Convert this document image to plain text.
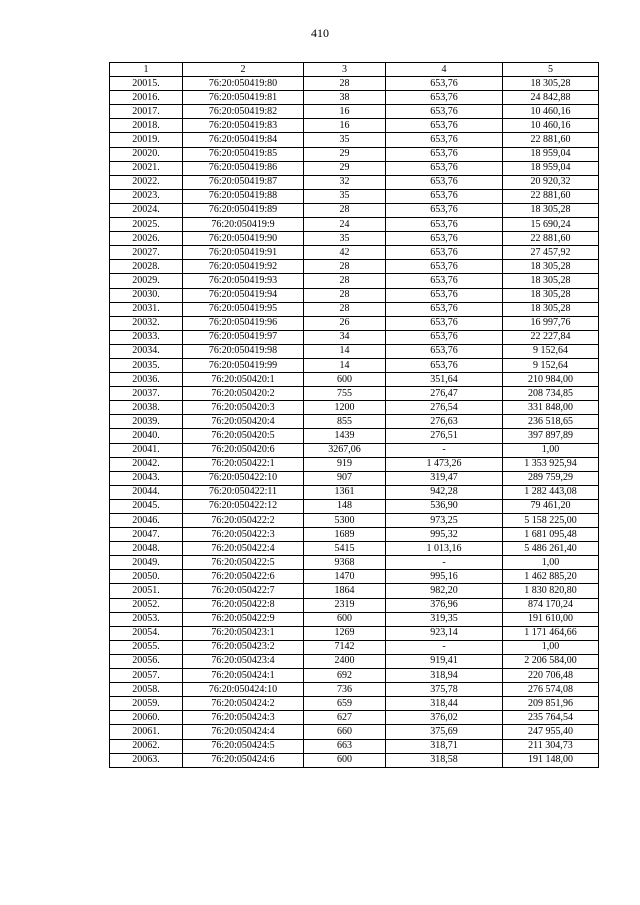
410
1	2	3	4	5
20015.	76:20:050419:80	28	653,76	18 305,28
20016.	76:20:050419:81	38	653,76	24 842,88
20017.	76:20:050419:82	16	653,76	10 460,16
20018.	76:20:050419:83	16	653,76	10 460,16
20019.	76:20:050419:84	35	653,76	22 881,60
20020.	76:20:050419:85	29	653,76	18 959,04
20021.	76:20:050419:86	29	653,76	18 959,04
20022.	76:20:050419:87	32	653,76	20 920,32
20023.	76:20:050419:88	35	653,76	22 881,60
20024.	76:20:050419:89	28	653,76	18 305,28
20025.	76:20:050419:9	24	653,76	15 690,24
20026.	76:20:050419:90	35	653,76	22 881,60
20027.	76:20:050419:91	42	653,76	27 457,92
20028.	76:20:050419:92	28	653,76	18 305,28
20029.	76:20:050419:93	28	653,76	18 305,28
20030.	76:20:050419:94	28	653,76	18 305,28
20031.	76:20:050419:95	28	653,76	18 305,28
20032.	76:20:050419:96	26	653,76	16 997,76
20033.	76:20:050419:97	34	653,76	22 227,84
20034.	76:20:050419:98	14	653,76	9 152,64
20035.	76:20:050419:99	14	653,76	9 152,64
20036.	76:20:050420:1	600	351,64	210 984,00
20037.	76:20:050420:2	755	276,47	208 734,85
20038.	76:20:050420:3	1200	276,54	331 848,00
20039.	76:20:050420:4	855	276,63	236 518,65
20040.	76:20:050420:5	1439	276,51	397 897,89
20041.	76:20:050420:6	3267,06	-	1,00
20042.	76:20:050422:1	919	1 473,26	1 353 925,94
20043.	76:20:050422:10	907	319,47	289 759,29
20044.	76:20:050422:11	1361	942,28	1 282 443,08
20045.	76:20:050422:12	148	536,90	79 461,20
20046.	76:20:050422:2	5300	973,25	5 158 225,00
20047.	76:20:050422:3	1689	995,32	1 681 095,48
20048.	76:20:050422:4	5415	1 013,16	5 486 261,40
20049.	76:20:050422:5	9368	-	1,00
20050.	76:20:050422:6	1470	995,16	1 462 885,20
20051.	76:20:050422:7	1864	982,20	1 830 820,80
20052.	76:20:050422:8	2319	376,96	874 170,24
20053.	76:20:050422:9	600	319,35	191 610,00
20054.	76:20:050423:1	1269	923,14	1 171 464,66
20055.	76:20:050423:2	7142	-	1,00
20056.	76:20:050423:4	2400	919,41	2 206 584,00
20057.	76:20:050424:1	692	318,94	220 706,48
20058.	76:20:050424:10	736	375,78	276 574,08
20059.	76:20:050424:2	659	318,44	209 851,96
20060.	76:20:050424:3	627	376,02	235 764,54
20061.	76:20:050424:4	660	375,69	247 955,40
20062.	76:20:050424:5	663	318,71	211 304,73
20063.	76:20:050424:6	600	318,58	191 148,00
